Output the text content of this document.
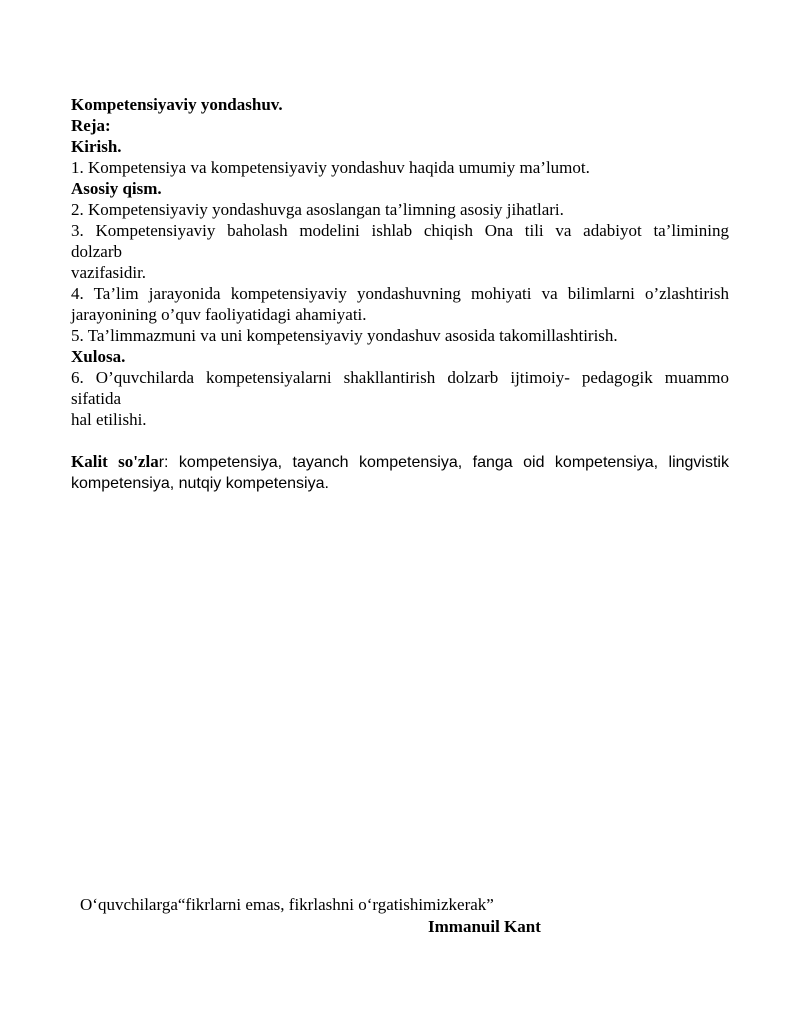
Kompetensiyaviy yondashuv.
Reja:
Kirish.
1. Kompetensiya va kompetensiyaviy yondashuv haqida umumiy ma’lumot.
Asosiy qism.
2. Kompetensiyaviy yondashuvga asoslangan ta’limning asosiy jihatlari.
3. Kompetensiyaviy baholash modelini ishlab chiqish Ona tili va adabiyot ta’limining
dolzarb
vazifasidir.
4. Ta’lim jarayonida kompetensiyaviy yondashuvning mohiyati va bilimlarni o’zlashtirish
jarayonining o’quv faoliyatidagi ahamiyati.
5. Ta’limmazmuni va uni kompetensiyaviy yondashuv asosida takomillashtirish.
Xulosa.
6. O’quvchilarda kompetensiyalarni shakllantirish dolzarb ijtimoiy- pedagogik muammo
sifatida
hal etilishi.
Kalit so'zlar: kompetensiya, tayanch kompetensiya, fanga oid kompetensiya, lingvistik
kompetensiya, nutqiy kompetensiya.
O‘quvchilarga“fikrlarni emas, fikrlashni o‘rgatishimizkerak”
Immanuil Kant
